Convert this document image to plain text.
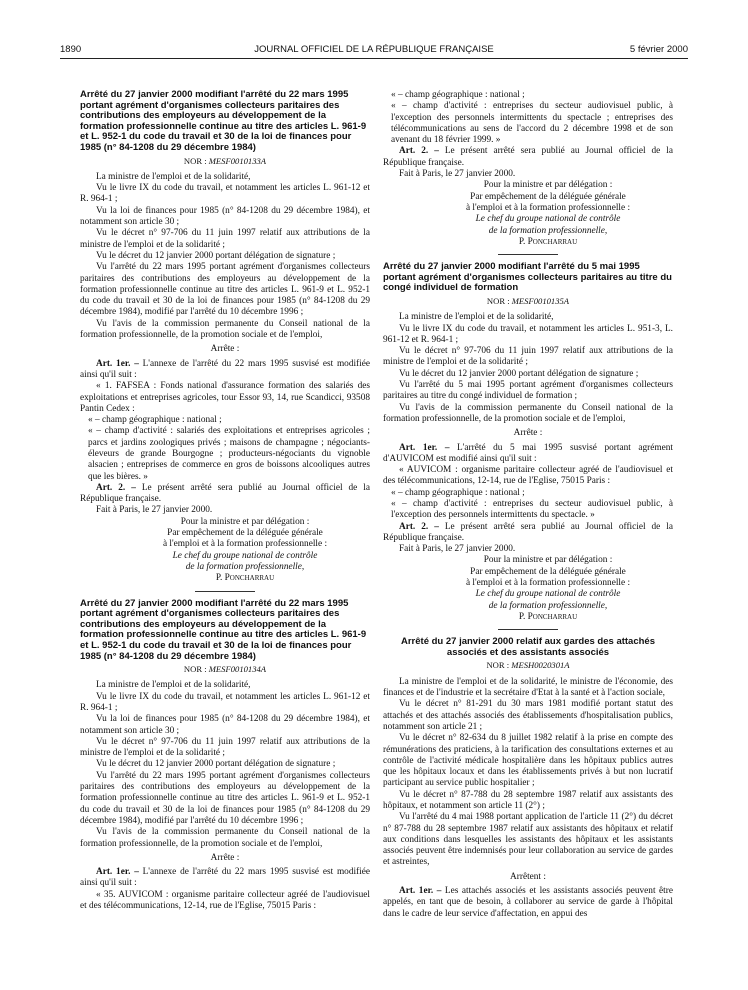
1890	JOURNAL OFFICIEL DE LA RÉPUBLIQUE FRANÇAISE	5 février 2000
Arrêté du 27 janvier 2000 modifiant l'arrêté du 22 mars 1995 portant agrément d'organismes collecteurs paritaires des contributions des employeurs au développement de la formation professionnelle continue au titre des articles L. 961-9 et L. 952-1 du code du travail et 30 de la loi de finances pour 1985 (n° 84-1208 du 29 décembre 1984)
NOR : MESF0010133A

La ministre de l'emploi et de la solidarité,

Vu le livre IX du code du travail, et notamment les articles L. 961-12 et R. 964-1 ;

Vu la loi de finances pour 1985 (n° 84-1208 du 29 décembre 1984), et notamment son article 30 ;

Vu le décret n° 97-706 du 11 juin 1997 relatif aux attributions de la ministre de l'emploi et de la solidarité ;

Vu le décret du 12 janvier 2000 portant délégation de signature ;

Vu l'arrêté du 22 mars 1995 portant agrément d'organismes collecteurs paritaires des contributions des employeurs au développement de la formation professionnelle continue au titre des articles L. 961-9 et L. 952-1 du code du travail et 30 de la loi de finances pour 1985 (n° 84-1208 du 29 décembre 1984), modifié par l'arrêté du 10 décembre 1996 ;

Vu l'avis de la commission permanente du Conseil national de la formation professionnelle, de la promotion sociale et de l'emploi,

Arrête :

Art. 1er. – L'annexe de l'arrêté du 22 mars 1995 susvisé est modifiée ainsi qu'il suit :

« 1. FAFSEA : Fonds national d'assurance formation des salariés des exploitations et entreprises agricoles, tour Essor 93, 14, rue Scandicci, 93508 Pantin Cedex :

« – champ géographique : national ;

« – champ d'activité : salariés des exploitations et entreprises agricoles ; parcs et jardins zoologiques privés ; maisons de champagne ; négociants-éleveurs de grande Bourgogne ; producteurs-négociants du vignoble alsacien ; entreprises de commerce en gros de boissons alcooliques autres que les bières. »

Art. 2. – Le présent arrêté sera publié au Journal officiel de la République française.

Fait à Paris, le 27 janvier 2000.

Pour la ministre et par délégation :

Par empêchement de la déléguée générale

à l'emploi et à la formation professionnelle :

Le chef du groupe national de contrôle

de la formation professionnelle,

P. Poncharrau

Arrêté du 27 janvier 2000 modifiant l'arrêté du 22 mars 1995 portant agrément d'organismes collecteurs paritaires des contributions des employeurs au développement de la formation professionnelle continue au titre des articles L. 961-9 et L. 952-1 du code du travail et 30 de la loi de finances pour 1985 (n° 84-1208 du 29 décembre 1984)
NOR : MESF0010134A

La ministre de l'emploi et de la solidarité,

Vu le livre IX du code du travail, et notamment les articles L. 961-12 et R. 964-1 ;

Vu la loi de finances pour 1985 (n° 84-1208 du 29 décembre 1984), et notamment son article 30 ;

Vu le décret n° 97-706 du 11 juin 1997 relatif aux attributions de la ministre de l'emploi et de la solidarité ;

Vu le décret du 12 janvier 2000 portant délégation de signature ;

Vu l'arrêté du 22 mars 1995 portant agrément d'organismes collecteurs paritaires des contributions des employeurs au développement de la formation professionnelle continue au titre des articles L. 961-9 et L. 952-1 du code du travail et 30 de la loi de finances pour 1985 (n° 84-1208 du 29 décembre 1984), modifié par l'arrêté du 10 décembre 1996 ;

Vu l'avis de la commission permanente du Conseil national de la formation professionnelle, de la promotion sociale et de l'emploi,

Arrête :

Art. 1er. – L'annexe de l'arrêté du 22 mars 1995 susvisé est modifiée ainsi qu'il suit :

« 35. AUVICOM : organisme paritaire collecteur agréé de l'audiovisuel et des télécommunications, 12-14, rue de l'Eglise, 75015 Paris :

« – champ géographique : national ;

« – champ d'activité : entreprises du secteur audiovisuel public, à l'exception des personnels intermittents du spectacle ; entreprises des télécommunications au sens de l'accord du 2 décembre 1998 et de son avenant du 18 février 1999. »

Art. 2. – Le présent arrêté sera publié au Journal officiel de la République française.

Fait à Paris, le 27 janvier 2000.

Pour la ministre et par délégation :

Par empêchement de la déléguée générale

à l'emploi et à la formation professionnelle :

Le chef du groupe national de contrôle

de la formation professionnelle,

P. Poncharrau

Arrêté du 27 janvier 2000 modifiant l'arrêté du 5 mai 1995 portant agrément d'organismes collecteurs paritaires au titre du congé individuel de formation
NOR : MESF0010135A

La ministre de l'emploi et de la solidarité,

Vu le livre IX du code du travail, et notamment les articles L. 951-3, L. 961-12 et R. 964-1 ;

Vu le décret n° 97-706 du 11 juin 1997 relatif aux attributions de la ministre de l'emploi et de la solidarité ;

Vu le décret du 12 janvier 2000 portant délégation de signature ;

Vu l'arrêté du 5 mai 1995 portant agrément d'organismes collecteurs paritaires au titre du congé individuel de formation ;

Vu l'avis de la commission permanente du Conseil national de la formation professionnelle, de la promotion sociale et de l'emploi,

Arrête :

Art. 1er. – L'arrêté du 5 mai 1995 susvisé portant agrément d'AUVICOM est modifié ainsi qu'il suit :

« AUVICOM : organisme paritaire collecteur agréé de l'audiovisuel et des télécommunications, 12-14, rue de l'Eglise, 75015 Paris :

« – champ géographique : national ;

« – champ d'activité : entreprises du secteur audiovisuel public, à l'exception des personnels intermittents du spectacle. »

Art. 2. – Le présent arrêté sera publié au Journal officiel de la République française.

Fait à Paris, le 27 janvier 2000.

Pour la ministre et par délégation :

Par empêchement de la déléguée générale

à l'emploi et à la formation professionnelle :

Le chef du groupe national de contrôle

de la formation professionnelle,

P. Poncharrau

Arrêté du 27 janvier 2000 relatif aux gardes des attachés associés et des assistants associés
NOR : MESH0020301A

La ministre de l'emploi et de la solidarité, le ministre de l'économie, des finances et de l'industrie et la secrétaire d'Etat à la santé et à l'action sociale,

Vu le décret n° 81-291 du 30 mars 1981 modifié portant statut des attachés et des attachés associés des établissements d'hospitalisation publics, notamment son article 21 ;

Vu le décret n° 82-634 du 8 juillet 1982 relatif à la prise en compte des rémunérations des praticiens, à la tarification des consultations externes et au contrôle de l'activité médicale hospitalière dans les hôpitaux publics autres que les hôpitaux locaux et dans les établissements privés à but non lucratif participant au service public hospitalier ;

Vu le décret n° 87-788 du 28 septembre 1987 relatif aux assistants des hôpitaux, et notamment son article 11 (2°) ;

Vu l'arrêté du 4 mai 1988 portant application de l'article 11 (2°) du décret n° 87-788 du 28 septembre 1987 relatif aux assistants des hôpitaux et relatif aux conditions dans lesquelles les assistants des hôpitaux et les assistants associés peuvent être indemnisés pour leur collaboration au service de gardes et astreintes,

Arrêtent :

Art. 1er. – Les attachés associés et les assistants associés peuvent être appelés, en tant que de besoin, à collaborer au service de garde à l'hôpital dans le cadre de leur service d'affectation, en appui des
